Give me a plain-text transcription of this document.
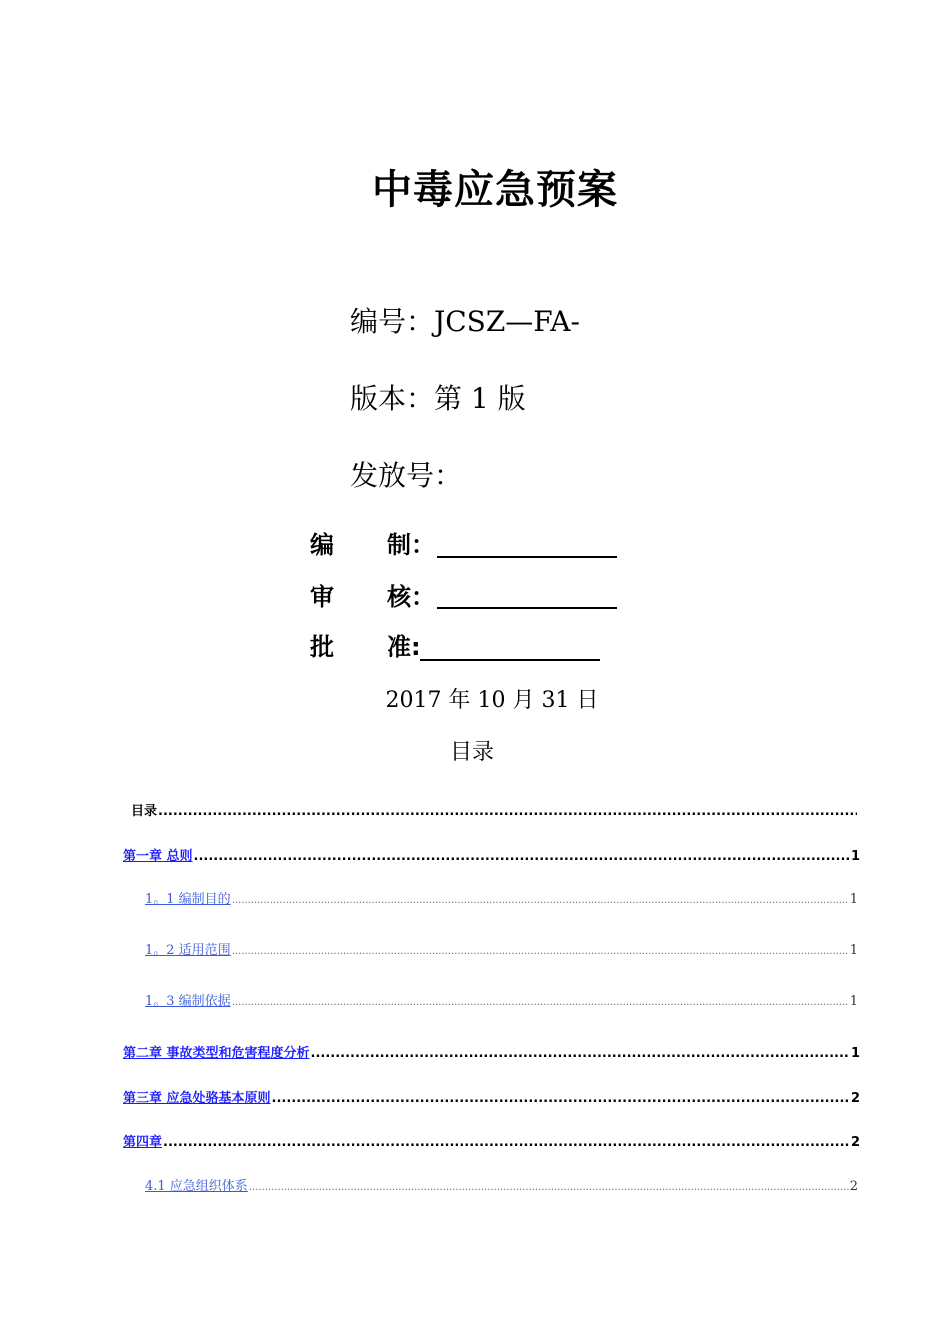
中毒应急预案
编号：JCSZ—FA-
版本：第 1 版
发放号：
编 制：
审 核：
批 准:
2017 年 10 月 31 日
目录
目录
.....
第一章 总则 .....	1
1。1 编制目的 .....	1
1。2 适用范围 .....	1
1。3 编制依据 .....	1
第二章 事故类型和危害程度分析 .....	1
第三章 应急处骆基本原则 .....	2
第四章 .....	2
4.1 应急组织体系 .....	2
